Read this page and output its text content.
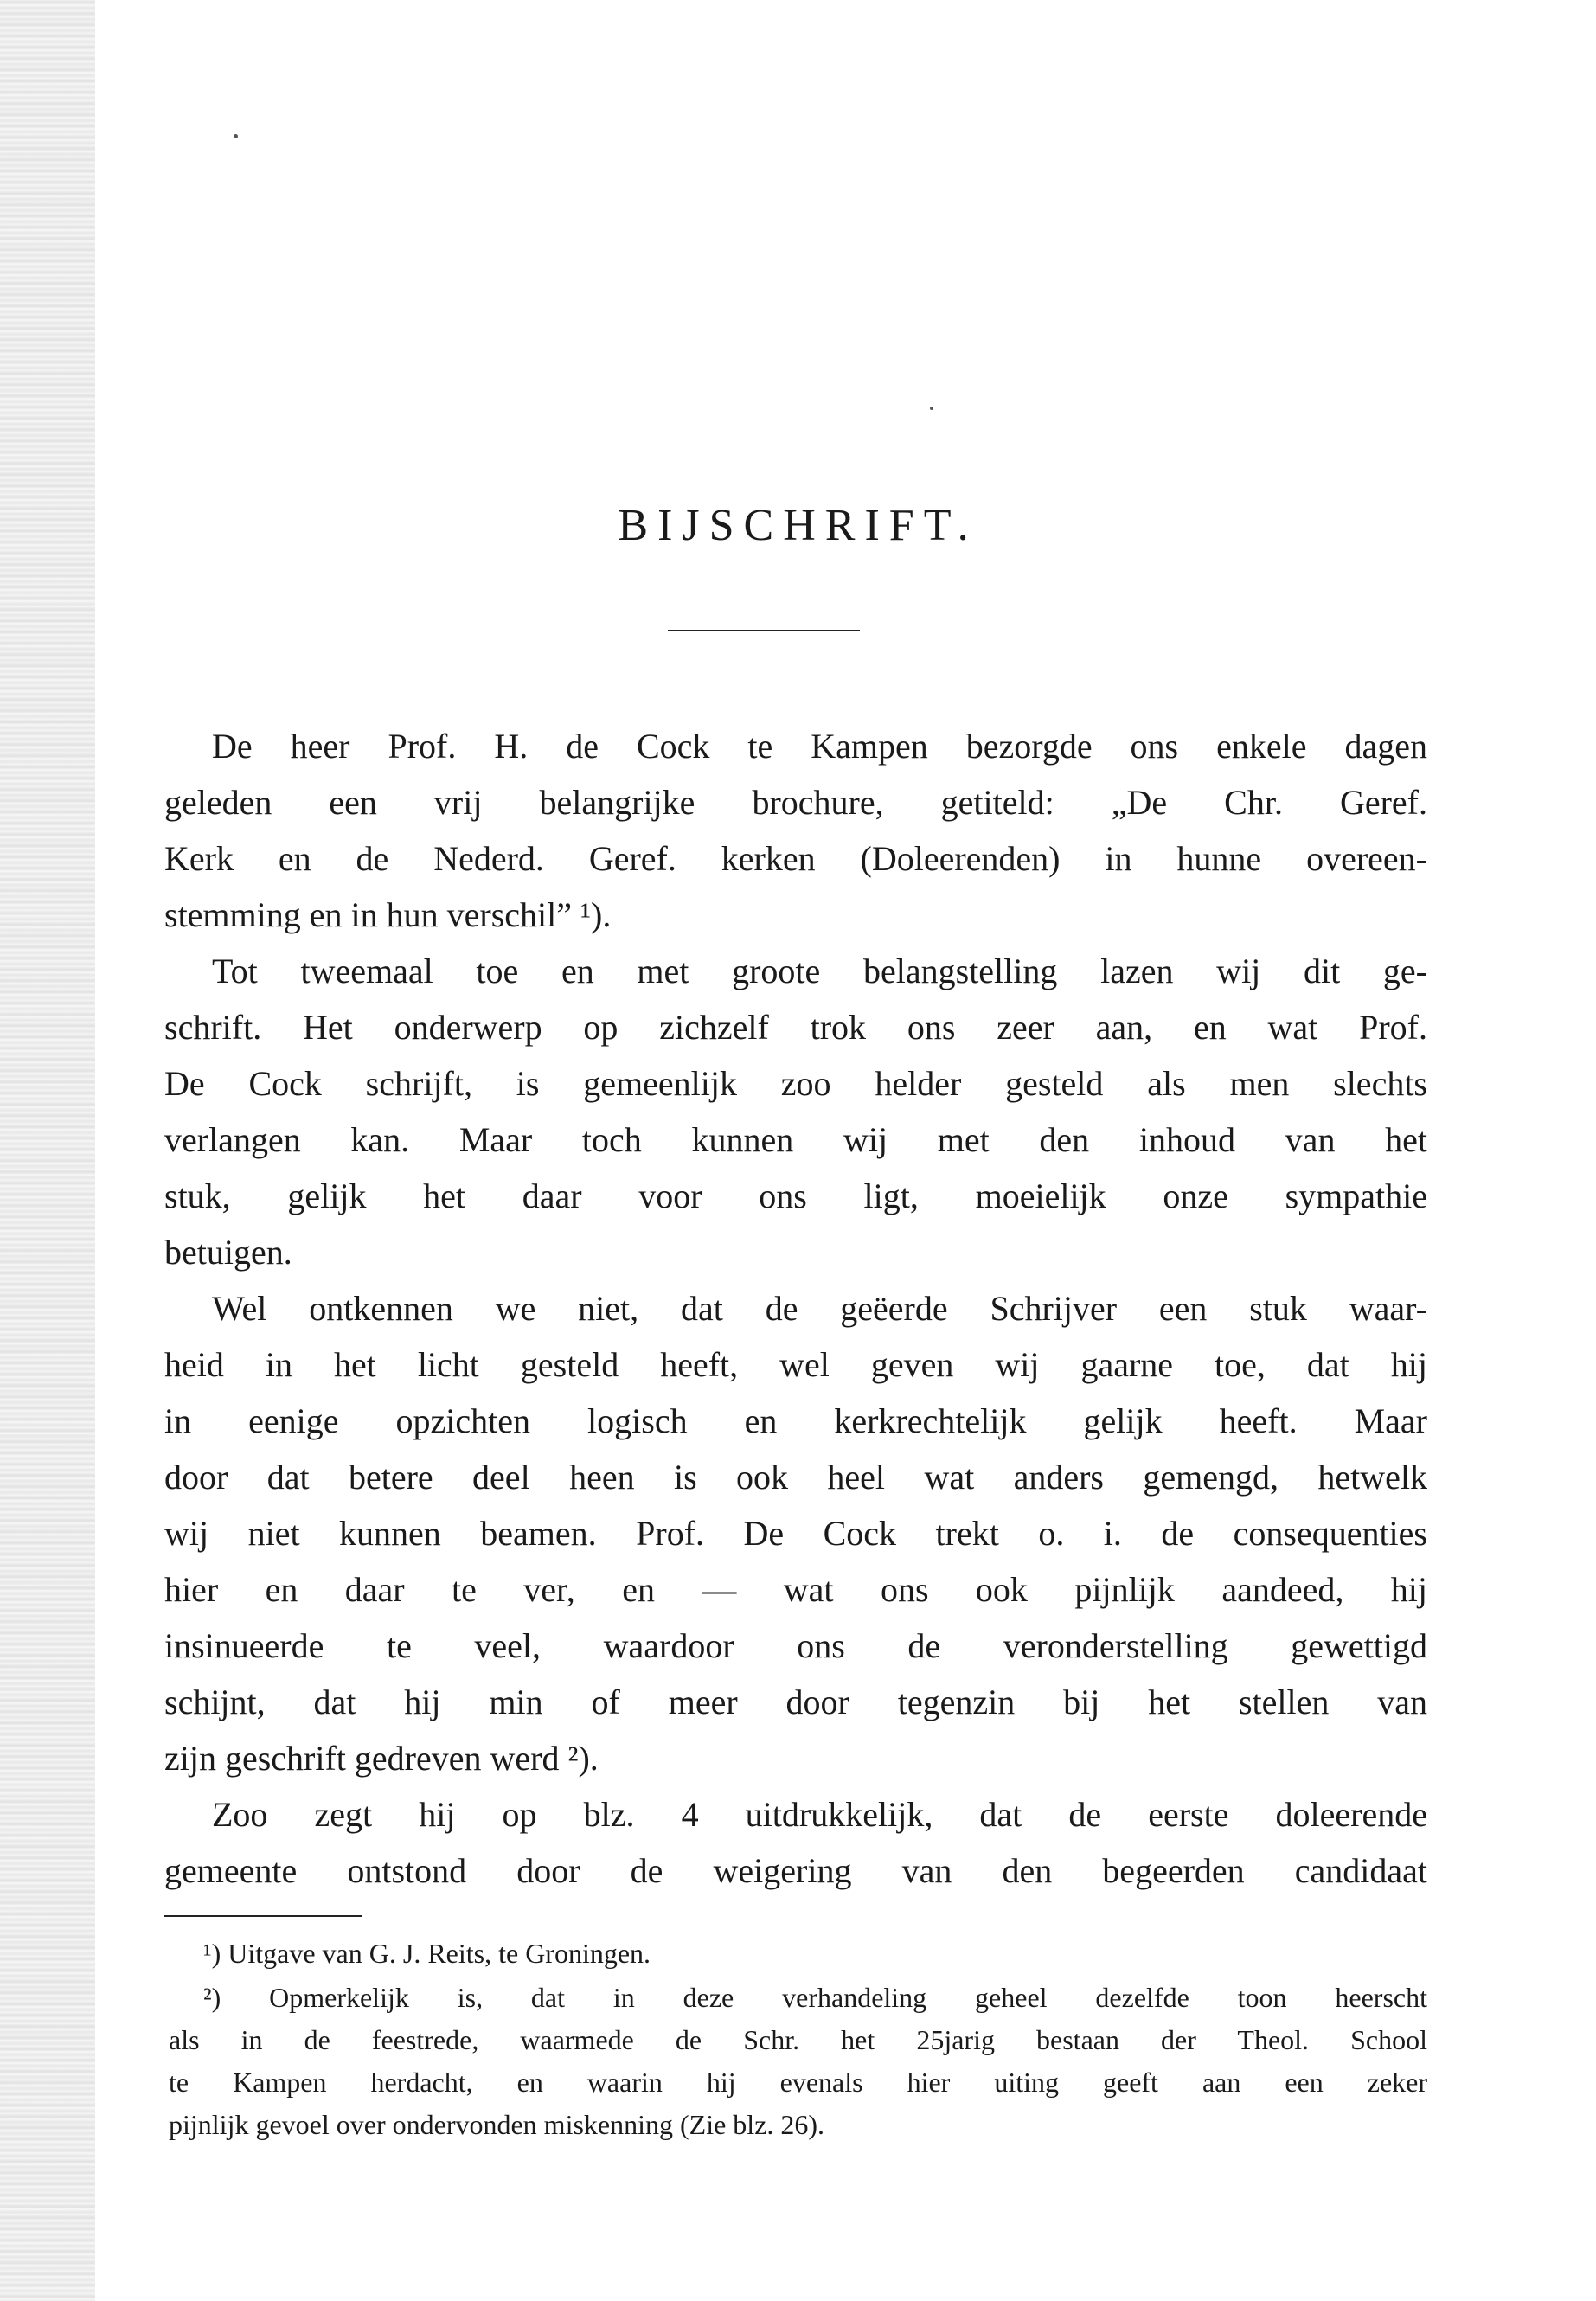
BIJSCHRIFT.
De heer Prof. H. de Cock te Kampen bezorgde ons enkele dagen
geleden een vrij belangrijke brochure, getiteld: „De Chr. Geref.
Kerk en de Nederd. Geref. kerken (Doleerenden) in hunne overeen-
stemming en in hun verschil” ¹).
Tot tweemaal toe en met groote belangstelling lazen wij dit ge-
schrift. Het onderwerp op zichzelf trok ons zeer aan, en wat Prof.
De Cock schrijft, is gemeenlijk zoo helder gesteld als men slechts
verlangen kan. Maar toch kunnen wij met den inhoud van het
stuk, gelijk het daar voor ons ligt, moeielijk onze sympathie
betuigen.
Wel ontkennen we niet, dat de geëerde Schrijver een stuk waar-
heid in het licht gesteld heeft, wel geven wij gaarne toe, dat hij
in eenige opzichten logisch en kerkrechtelijk gelijk heeft. Maar
door dat betere deel heen is ook heel wat anders gemengd, hetwelk
wij niet kunnen beamen. Prof. De Cock trekt o. i. de consequenties
hier en daar te ver, en — wat ons ook pijnlijk aandeed, hij
insinueerde te veel, waardoor ons de veronderstelling gewettigd
schijnt, dat hij min of meer door tegenzin bij het stellen van
zijn geschrift gedreven werd ²).
Zoo zegt hij op blz. 4 uitdrukkelijk, dat de eerste doleerende
gemeente ontstond door de weigering van den begeerden candidaat
¹) Uitgave van G. J. Reits, te Groningen.
²) Opmerkelijk is, dat in deze verhandeling geheel dezelfde toon heerscht
als in de feestrede, waarmede de Schr. het 25jarig bestaan der Theol. School
te Kampen herdacht, en waarin hij evenals hier uiting geeft aan een zeker
pijnlijk gevoel over ondervonden miskenning (Zie blz. 26).
